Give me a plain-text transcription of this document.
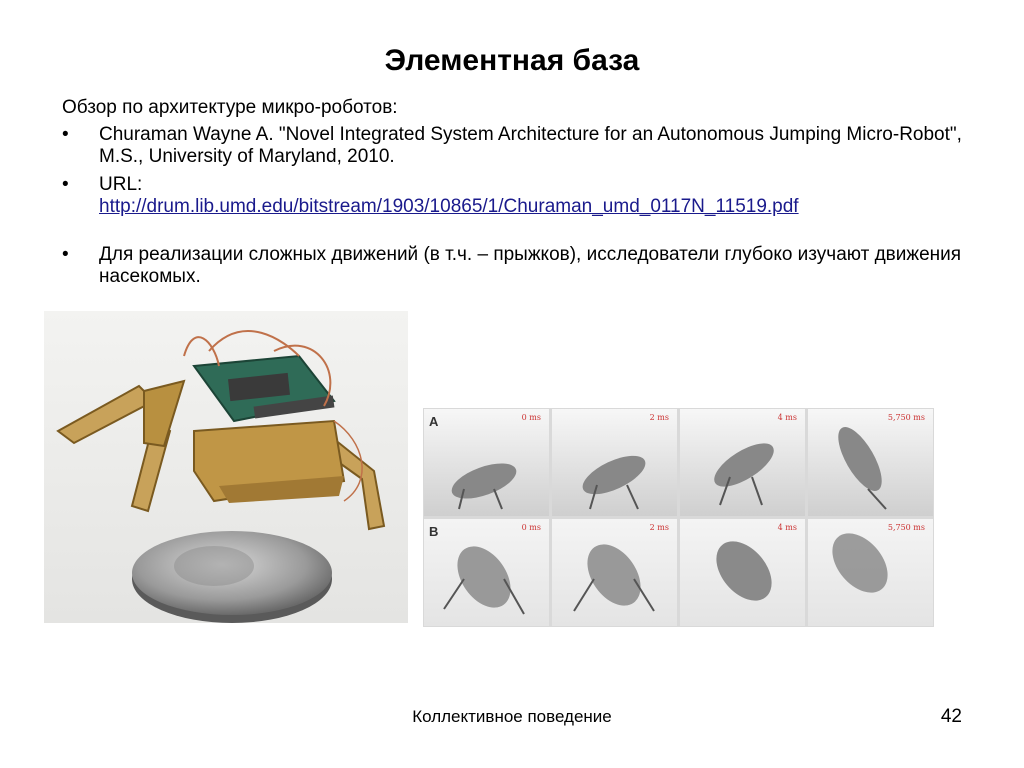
Элементная база
Обзор по архитектуре микро-роботов:
• Churaman Wayne A. "Novel Integrated System Architecture for an Autonomous Jumping Micro-Robot", M.S., University of Maryland, 2010.
• URL:
http://drum.lib.umd.edu/bitstream/1903/10865/1/Churaman_umd_0117N_11519.pdf
• Для реализации сложных движений (в т.ч. – прыжков), исследователи глубоко изучают движения насекомых.
A	0 ms	2 ms	4 ms	5,750 ms
B	0 ms	2 ms	4 ms	5,750 ms
Коллективное поведение	42
